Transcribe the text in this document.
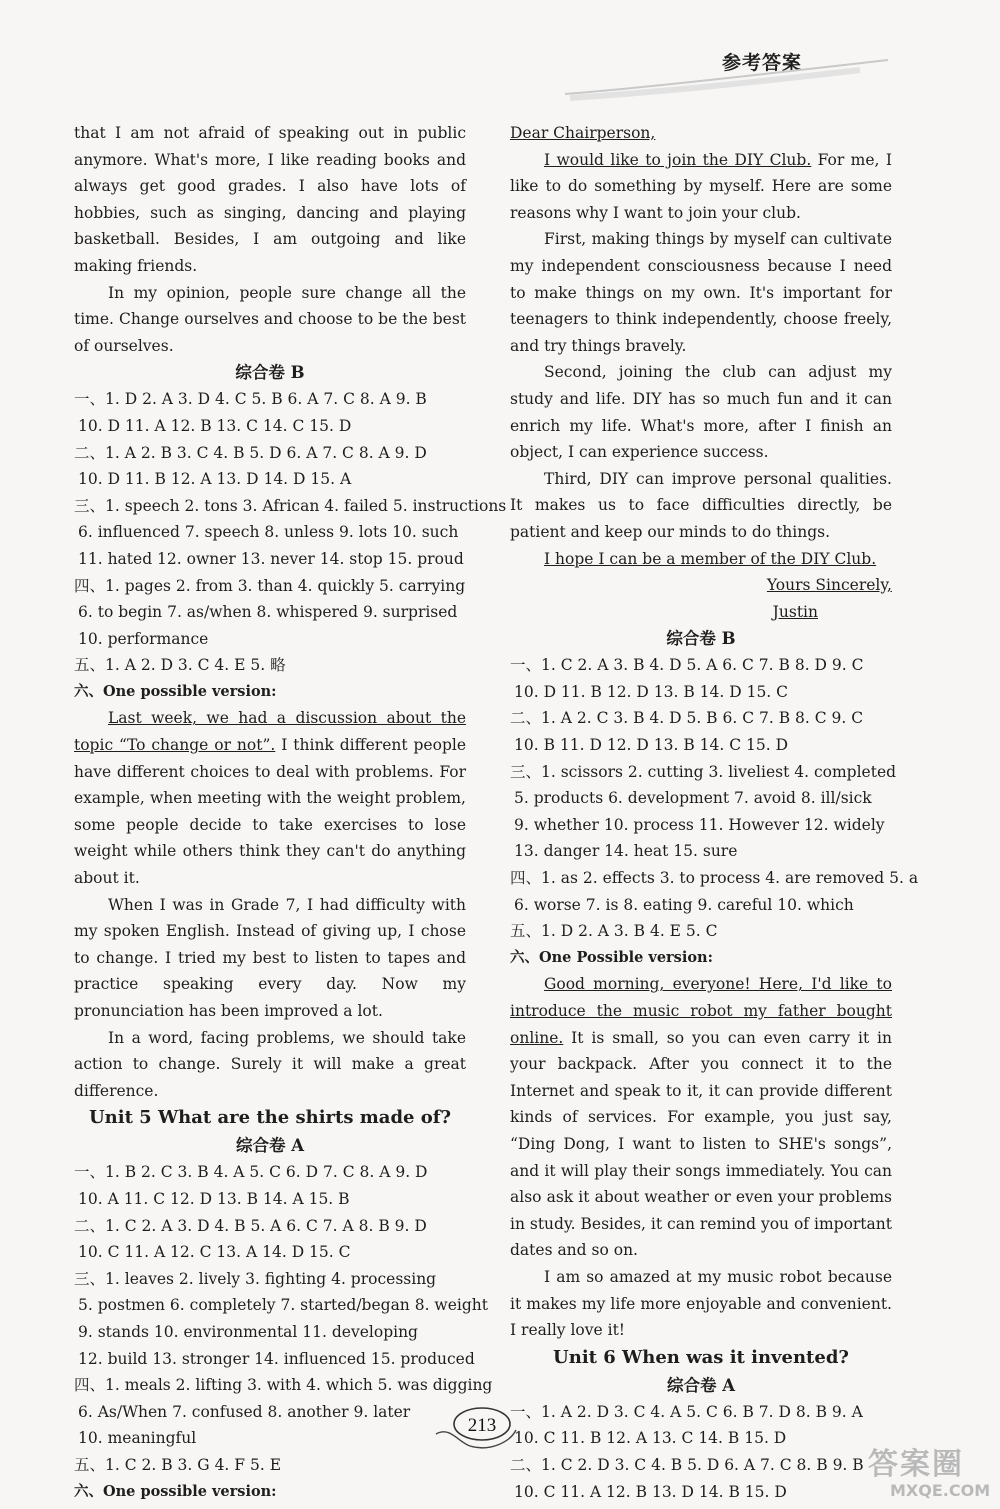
参考答案

that I am not afraid of speaking out in public anymore. What's more, I like reading books and always get good grades. I also have lots of hobbies, such as singing, dancing and playing basketball. Besides, I am outgoing and like making friends.

In my opinion, people sure change all the time. Change ourselves and choose to be the best of ourselves.

综合卷 B
一、1. D 2. A 3. D 4. C 5. B 6. A 7. C 8. A 9. B
10. D 11. A 12. B 13. C 14. C 15. D
二、1. A 2. B 3. C 4. B 5. D 6. A 7. C 8. A 9. D
10. D 11. B 12. A 13. D 14. D 15. A
三、1. speech 2. tons 3. African 4. failed 5. instructions
6. influenced 7. speech 8. unless 9. lots 10. such
11. hated 12. owner 13. never 14. stop 15. proud
四、1. pages 2. from 3. than 4. quickly 5. carrying
6. to begin 7. as/when 8. whispered 9. surprised
10. performance
五、1. A 2. D 3. C 4. E 5. 略
六、One possible version:

Last week, we had a discussion about the topic “To change or not”. I think different people have different choices to deal with problems. For example, when meeting with the weight problem, some people decide to take exercises to lose weight while others think they can't do anything about it.

When I was in Grade 7, I had difficulty with my spoken English. Instead of giving up, I chose to change. I tried my best to listen to tapes and practice speaking every day. Now my pronunciation has been improved a lot.

In a word, facing problems, we should take action to change. Surely it will make a great difference.

Unit 5 What are the shirts made of?
综合卷 A
一、1. B 2. C 3. B 4. A 5. C 6. D 7. C 8. A 9. D
10. A 11. C 12. D 13. B 14. A 15. B
二、1. C 2. A 3. D 4. B 5. A 6. C 7. A 8. B 9. D
10. C 11. A 12. C 13. A 14. D 15. C
三、1. leaves 2. lively 3. fighting 4. processing
5. postmen 6. completely 7. started/began 8. weight
9. stands 10. environmental 11. developing
12. build 13. stronger 14. influenced 15. produced
四、1. meals 2. lifting 3. with 4. which 5. was digging
6. As/When 7. confused 8. another 9. later
10. meaningful
五、1. C 2. B 3. G 4. F 5. E
六、One possible version:

Dear Chairperson,

I would like to join the DIY Club. For me, I like to do something by myself. Here are some reasons why I want to join your club.

First, making things by myself can cultivate my independent consciousness because I need to make things on my own. It's important for teenagers to think independently, choose freely, and try things bravely.

Second, joining the club can adjust my study and life. DIY has so much fun and it can enrich my life. What's more, after I finish an object, I can experience success.

Third, DIY can improve personal qualities. It makes us to face difficulties directly, be patient and keep our minds to do things.

I hope I can be a member of the DIY Club.

Yours Sincerely,

Justin

综合卷 B
一、1. C 2. A 3. B 4. D 5. A 6. C 7. B 8. D 9. C
10. D 11. B 12. D 13. B 14. D 15. C
二、1. A 2. C 3. B 4. D 5. B 6. C 7. B 8. C 9. C
10. B 11. D 12. D 13. B 14. C 15. D
三、1. scissors 2. cutting 3. liveliest 4. completed
5. products 6. development 7. avoid 8. ill/sick
9. whether 10. process 11. However 12. widely
13. danger 14. heat 15. sure
四、1. as 2. effects 3. to process 4. are removed 5. a
6. worse 7. is 8. eating 9. careful 10. which
五、1. D 2. A 3. B 4. E 5. C
六、One Possible version:

Good morning, everyone! Here, I'd like to introduce the music robot my father bought online. It is small, so you can even carry it in your backpack. After you connect it to the Internet and speak to it, it can provide different kinds of services. For example, you just say, “Ding Dong, I want to listen to SHE's songs”, and it will play their songs immediately. You can also ask it about weather or even your problems in study. Besides, it can remind you of important dates and so on.

I am so amazed at my music robot because it makes my life more enjoyable and convenient. I really love it!

Unit 6 When was it invented?
综合卷 A
一、1. A 2. D 3. C 4. A 5. C 6. B 7. D 8. B 9. A
10. C 11. B 12. A 13. C 14. B 15. D
二、1. C 2. D 3. C 4. B 5. D 6. A 7. C 8. B 9. B
10. C 11. A 12. B 13. D 14. B 15. D
213
答案圈
MXQE.COM
